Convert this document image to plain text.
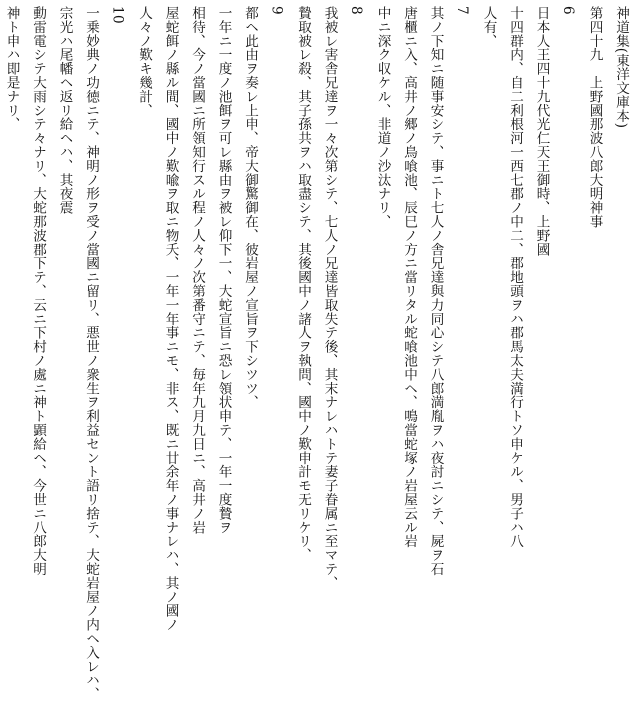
神道集(東洋文庫本)

第四十九　上野國那波八郎大明神事

6

日本人王四十九代光仁天王御時、上野國

十四群内、自二利根河一西七郡ノ中二、郡地頭ヲハ郡馬太夫満行トソ申ケル、男子ハ八

人有、

7

其ノ下知ニ随事安シテ、事ニト七人ノ舎兄達與力同心シテ八郎満胤ヲハ夜討ニシテ、屍ヲ石

唐櫃ニ入、高井ノ郷ノ鳥喰池、辰巳ノ方ニ當リタル蛇喰池中ヘ、鳴當蛇塚ノ岩屋云ル岩

中ニ深ク収ケル、非道ノ沙汰ナリ、

8

我被レ害舎兄達ヲ一々次第シテ、七人ノ兄達皆取失テ後、其末ナレハトテ妻子眷属ニ至マテ、

贄取被レ殺、其子孫共ヲハ取盡シテ、其後國中ノ諸人ヲ執問、國中ノ歎申計モ无リケリ、

9

都ヘ此由ヲ奏レ上申、帝大御驚御在、彼岩屋ノ宣旨ヲ下シツツ、

一年ニ一度ノ池餌ヲ可レ縣由ヲ被レ仰下一、大蛇宣旨ニ恐レ領状申テ、一年一度贄ヲ

相待、今ノ當國ニ所領知行スル程ノ人々ノ次第番守ニテ、毎年九月九日ニ、高井ノ岩

屋蛇餌ノ縣ル間、國中ノ歎喩ヲ取ニ物夭、一年一年事ニモ、非ス、既ニ廿余年ノ事ナレハ、其ノ國ノ

人々ノ歎キ幾計、

10

一乗妙典ノ功徳ニテ、神明ノ形ヲ受ノ當國ニ留リ、悪世ノ衆生ヲ利益セント語リ捨テ、大蛇岩屋ノ内ヘ入レハ、

宗光ハ尾幡ヘ返リ給ヘハ、其夜震

動雷電シテ大雨シテ々ナリ、大蛇那波郡下テ、云ニ下村ノ處ニ神ト顕給ヘ、今世ニ八郎大明

神ト申ハ即是ナリ、
